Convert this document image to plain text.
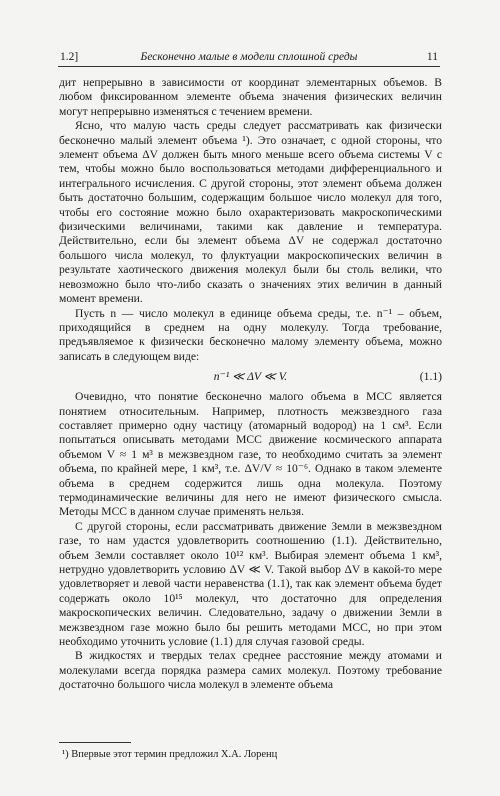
1.2]	Бесконечно малые в модели сплошной среды	11

дит непрерывно в зависимости от координат элементарных объемов. В любом фиксированном элементе объема значения физических величин могут непрерывно изменяться с течением времени.

Ясно, что малую часть среды следует рассматривать как физически бесконечно малый элемент объема ¹). Это означает, с одной стороны, что элемент объема ΔV должен быть много меньше всего объема системы V с тем, чтобы можно было воспользоваться методами дифференциального и интегрального исчисления. С другой стороны, этот элемент объема должен быть достаточно большим, содержащим большое число молекул для того, чтобы его состояние можно было охарактеризовать макроскопическими физическими величинами, такими как давление и температура. Действительно, если бы элемент объема ΔV не содержал достаточно большого числа молекул, то флуктуации макроскопических величин в результате хаотического движения молекул были бы столь велики, что невозможно было что-либо сказать о значениях этих величин в данный момент времени.

Пусть n — число молекул в единице объема среды, т.е. n⁻¹ – объем, приходящийся в среднем на одну молекулу. Тогда требование, предъявляемое к физически бесконечно малому элементу объема, можно записать в следующем виде:

n⁻¹ ≪ ΔV ≪ V.	(1.1)

Очевидно, что понятие бесконечно малого объема в МСС является понятием относительным. Например, плотность межзвездного газа составляет примерно одну частицу (атомарный водород) на 1 см³. Если попытаться описывать методами МСС движение космического аппарата объемом V ≈ 1 м³ в межзвездном газе, то необходимо считать за элемент объема, по крайней мере, 1 км³, т.е. ΔV/V ≈ 10⁻⁶. Однако в таком элементе объема в среднем содержится лишь одна молекула. Поэтому термодинамические величины для него не имеют физического смысла. Методы МСС в данном случае применять нельзя.

С другой стороны, если рассматривать движение Земли в межзвездном газе, то нам удастся удовлетворить соотношению (1.1). Действительно, объем Земли составляет около 10¹² км³. Выбирая элемент объема 1 км³, нетрудно удовлетворить условию ΔV ≪ V. Такой выбор ΔV в какой-то мере удовлетворяет и левой части неравенства (1.1), так как элемент объема будет содержать около 10¹⁵ молекул, что достаточно для определения макроскопических величин. Следовательно, задачу о движении Земли в межзвездном газе можно было бы решить методами МСС, но при этом необходимо уточнить условие (1.1) для случая газовой среды.

В жидкостях и твердых телах среднее расстояние между атомами и молекулами всегда порядка размера самих молекул. Поэтому требование достаточно большого числа молекул в элементе объема

¹) Впервые этот термин предложил Х.А. Лоренц
